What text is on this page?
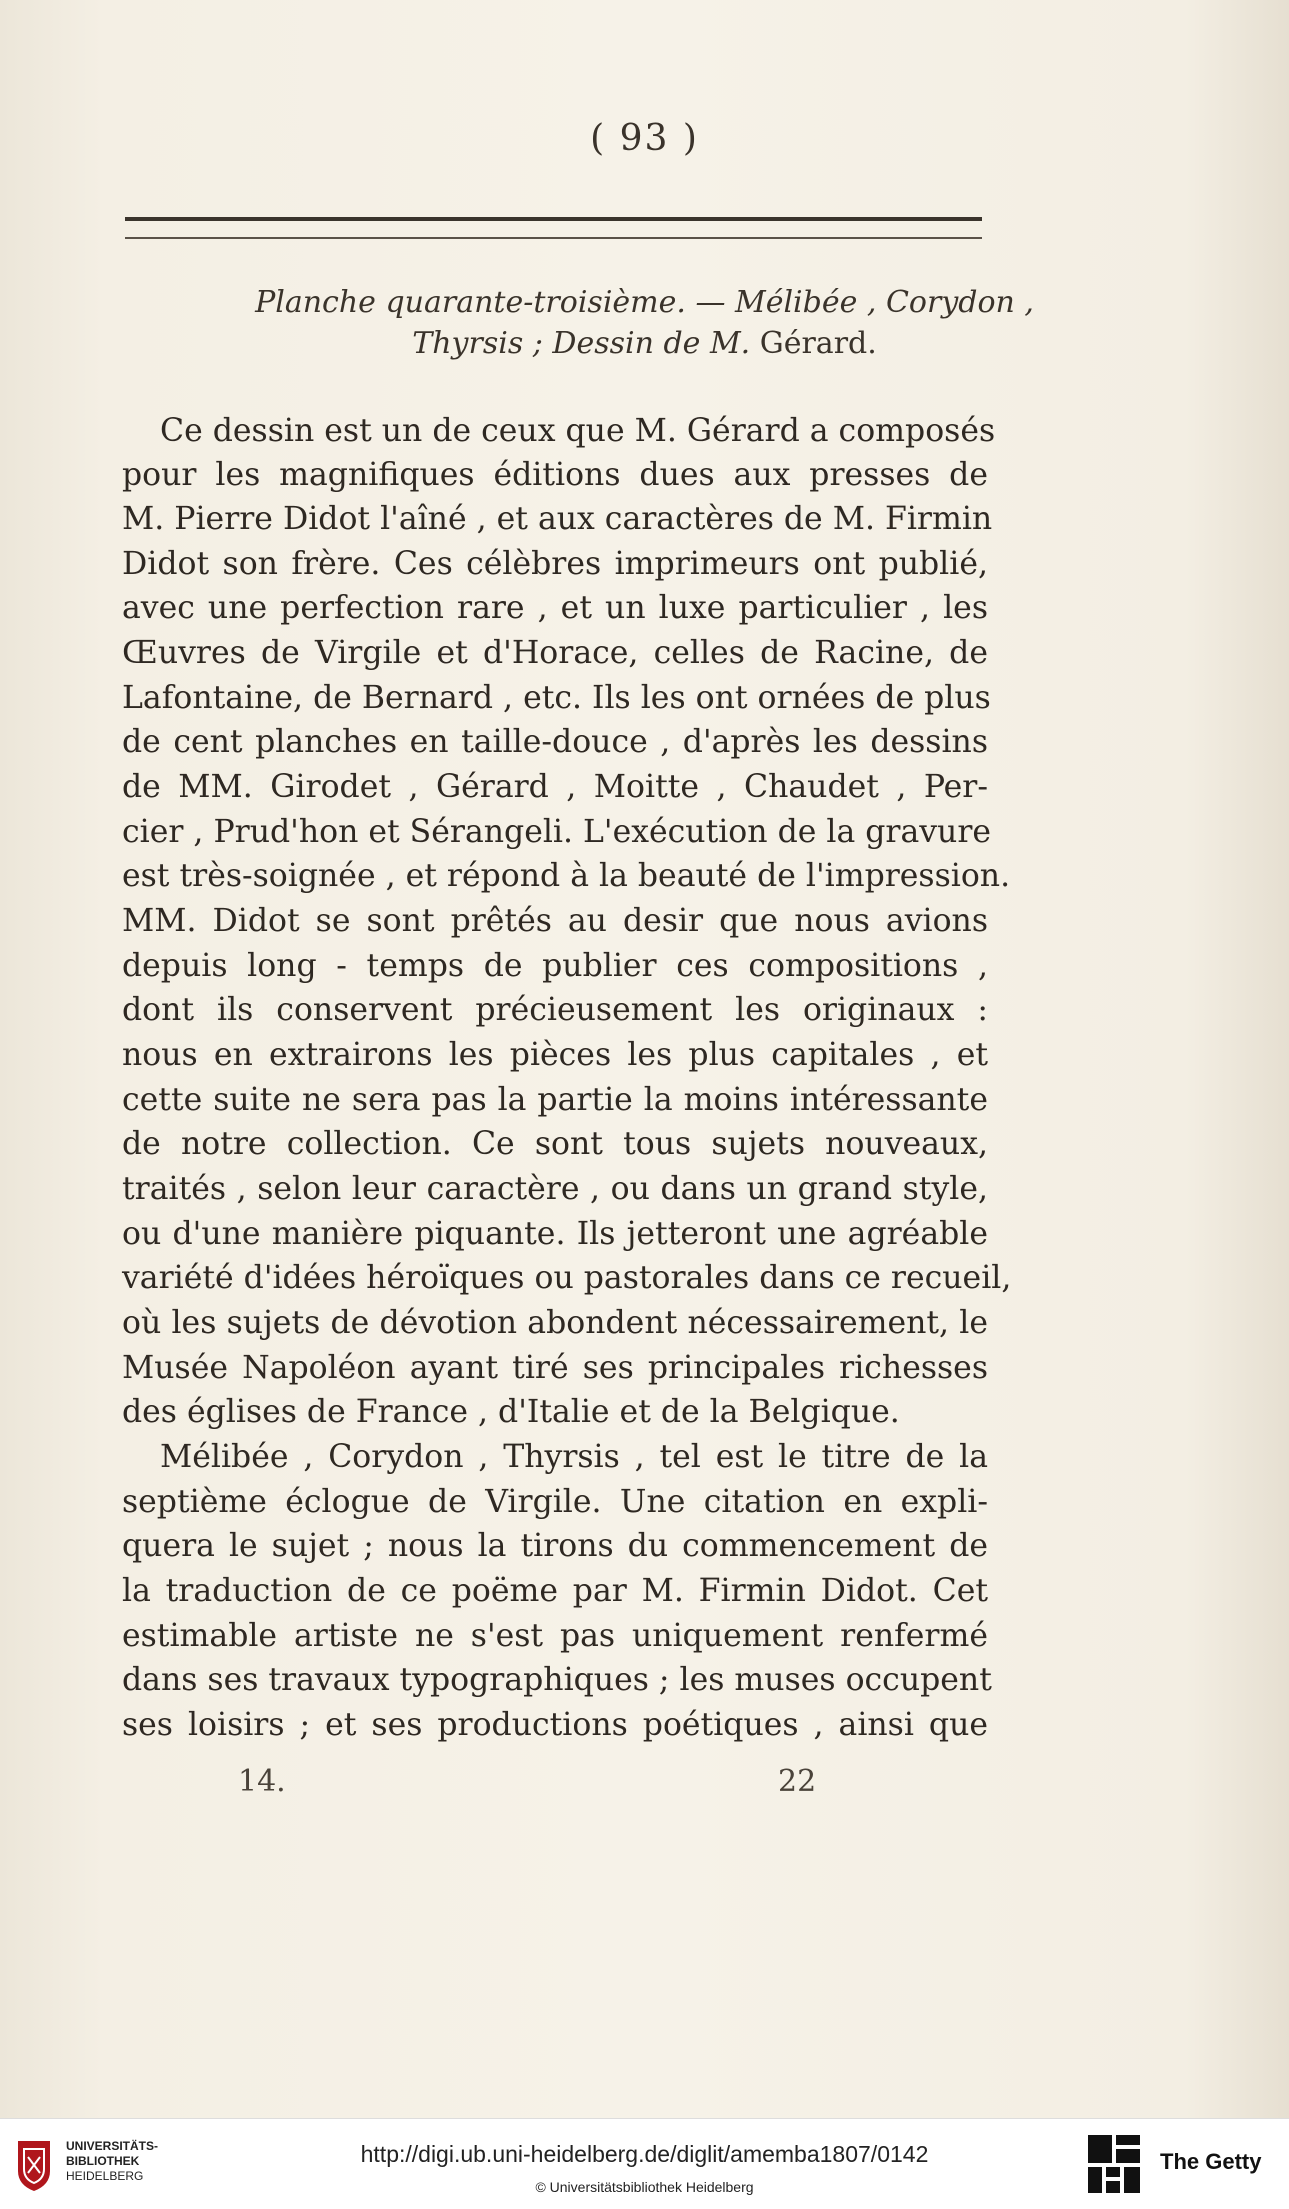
( 93 )
Planche quarante-troisième. — Mélibée , Corydon ,
Thyrsis ; Dessin de M. Gérard.
Ce dessin est un de ceux que M. Gérard a composés
pour les magnifiques éditions dues aux presses de
M. Pierre Didot l'aîné , et aux caractères de M. Firmin
Didot son frère. Ces célèbres imprimeurs ont publié,
avec une perfection rare , et un luxe particulier , les
Œuvres de Virgile et d'Horace, celles de Racine, de
Lafontaine, de Bernard , etc. Ils les ont ornées de plus
de cent planches en taille-douce , d'après les dessins
de MM. Girodet , Gérard , Moitte , Chaudet , Per-
cier , Prud'hon et Sérangeli. L'exécution de la gravure
est très-soignée , et répond à la beauté de l'impression.
MM. Didot se sont prêtés au desir que nous avions
depuis long - temps de publier ces compositions ,
dont ils conservent précieusement les originaux :
nous en extrairons les pièces les plus capitales , et
cette suite ne sera pas la partie la moins intéressante
de notre collection. Ce sont tous sujets nouveaux,
traités , selon leur caractère , ou dans un grand style,
ou d'une manière piquante. Ils jetteront une agréable
variété d'idées héroïques ou pastorales dans ce recueil,
où les sujets de dévotion abondent nécessairement, le
Musée Napoléon ayant tiré ses principales richesses
des églises de France , d'Italie et de la Belgique.
Mélibée , Corydon , Thyrsis , tel est le titre de la
septième éclogue de Virgile. Une citation en expli-
quera le sujet ; nous la tirons du commencement de
la traduction de ce poëme par M. Firmin Didot. Cet
estimable artiste ne s'est pas uniquement renfermé
dans ses travaux typographiques ; les muses occupent
ses loisirs ; et ses productions poétiques , ainsi que
14.	22
UNIVERSITÄTS-
BIBLIOTHEK
HEIDELBERG
http://digi.ub.uni-heidelberg.de/diglit/amemba1807/0142
© Universitätsbibliothek Heidelberg
The Getty
